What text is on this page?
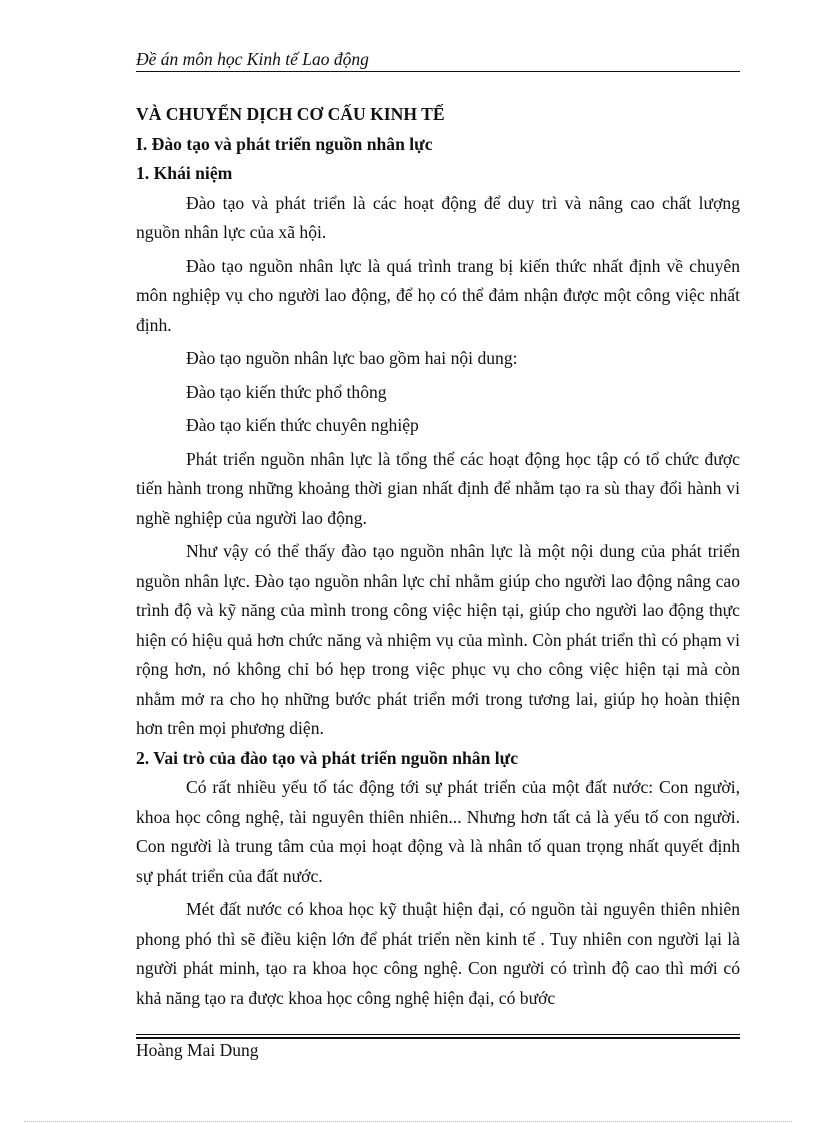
Đề án môn học Kinh tế Lao động

VÀ CHUYỂN DỊCH CƠ CẤU KINH TẾ

I. Đào tạo và phát triển nguồn nhân lực

1. Khái niệm

Đào tạo và phát triển là các hoạt động để duy trì và nâng cao chất lượng nguồn nhân lực của xã hội.

Đào tạo nguồn nhân lực là quá trình trang bị kiến thức nhất định về chuyên môn nghiệp vụ cho người lao động, để họ có thể đảm nhận được một công việc nhất định.

Đào tạo nguồn nhân lực bao gồm hai nội dung:

Đào tạo kiến thức phổ thông

Đào tạo kiến thức chuyên nghiệp

Phát triển nguồn nhân lực là tổng thể các hoạt động học tập có tổ chức được tiến hành trong những khoảng thời gian nhất định để nhằm tạo ra sù thay đổi hành vi nghề nghiệp của người lao động.

Như vậy có thể thấy đào tạo nguồn nhân lực là một nội dung của phát triển nguồn nhân lực. Đào tạo nguồn nhân lực chỉ nhằm giúp cho người lao động nâng cao trình độ và kỹ năng của mình trong công việc hiện tại, giúp cho người lao động thực hiện có hiệu quả hơn chức năng và nhiệm vụ của mình. Còn phát triển thì có phạm vi rộng hơn, nó không chỉ bó hẹp trong việc phục vụ cho công việc hiện tại mà còn nhằm mở ra cho họ những bước phát triển mới trong tương lai, giúp họ hoàn thiện hơn trên mọi phương diện.

2. Vai trò của đào tạo và phát triển nguồn nhân lực

Có rất nhiều yếu tố tác động tới sự phát triển của một đất nước: Con người, khoa học công nghệ, tài nguyên thiên nhiên... Nhưng hơn tất cả là yếu tố con người. Con người là trung tâm của mọi hoạt động và là nhân tố quan trọng nhất quyết định sự phát triển của đất nước.

Mét đất nước có khoa học kỹ thuật hiện đại, có nguồn tài nguyên thiên nhiên phong phó thì sẽ điều kiện lớn để phát triển nền kinh tế . Tuy nhiên con người lại là người phát minh, tạo ra khoa học công nghệ. Con người có trình độ cao thì mới có khả năng tạo ra được khoa học công nghệ hiện đại, có bước

Hoàng Mai Dung
